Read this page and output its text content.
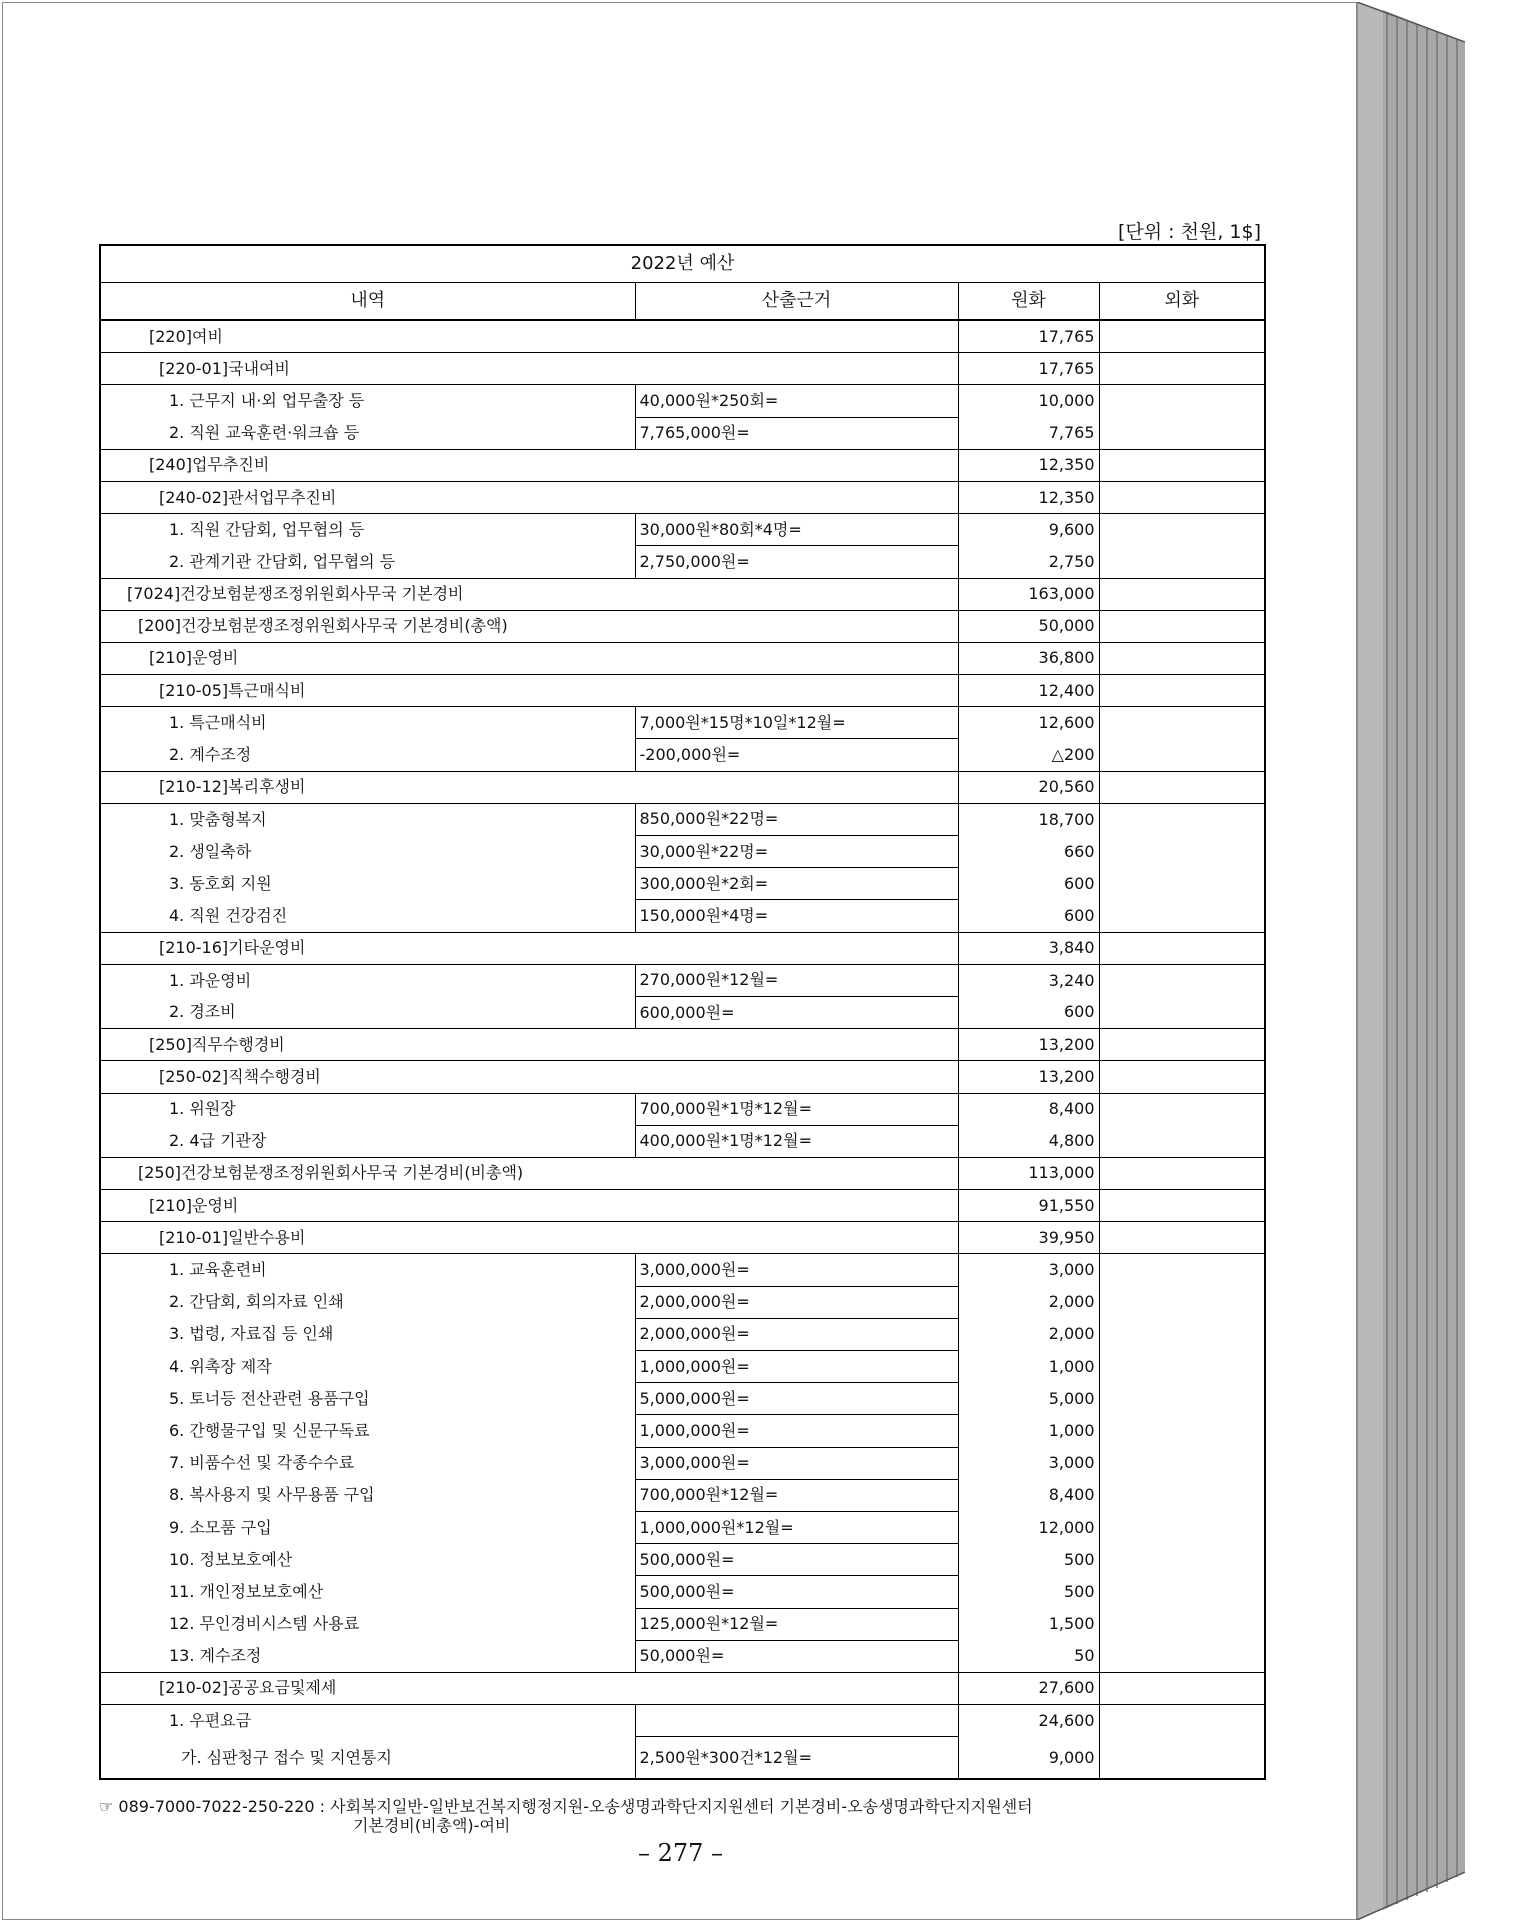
[단위 : 천원, 1$]
2022년 예산			
내역	산출근거	원화	외화
[220]여비		17,765	
[220-01]국내여비		17,765	
1. 근무지 내·외 업무출장 등	40,000원*250회=	10,000	
2. 직원 교육훈련·워크숍 등	7,765,000원=	7,765	
[240]업무추진비		12,350	
[240-02]관서업무추진비		12,350	
1. 직원 간담회, 업무협의 등	30,000원*80회*4명=	9,600	
2. 관계기관 간담회, 업무협의 등	2,750,000원=	2,750	
[7024]건강보험분쟁조정위원회사무국 기본경비		163,000	
[200]건강보험분쟁조정위원회사무국 기본경비(총액)		50,000	
[210]운영비		36,800	
[210-05]특근매식비		12,400	
1. 특근매식비	7,000원*15명*10일*12월=	12,600	
2. 계수조정	-200,000원=	△200	
[210-12]복리후생비		20,560	
1. 맞춤형복지	850,000원*22명=	18,700	
2. 생일축하	30,000원*22명=	660	
3. 동호회 지원	300,000원*2회=	600	
4. 직원 건강검진	150,000원*4명=	600	
[210-16]기타운영비		3,840	
1. 과운영비	270,000원*12월=	3,240	
2. 경조비	600,000원=	600	
[250]직무수행경비		13,200	
[250-02]직책수행경비		13,200	
1. 위원장	700,000원*1명*12월=	8,400	
2. 4급 기관장	400,000원*1명*12월=	4,800	
[250]건강보험분쟁조정위원회사무국 기본경비(비총액)		113,000	
[210]운영비		91,550	
[210-01]일반수용비		39,950	
1. 교육훈련비	3,000,000원=	3,000	
2. 간담회, 회의자료 인쇄	2,000,000원=	2,000	
3. 법령, 자료집 등 인쇄	2,000,000원=	2,000	
4. 위촉장 제작	1,000,000원=	1,000	
5. 토너등 전산관련 용품구입	5,000,000원=	5,000	
6. 간행물구입 및 신문구독료	1,000,000원=	1,000	
7. 비품수선 및 각종수수료	3,000,000원=	3,000	
8. 복사용지 및 사무용품 구입	700,000원*12월=	8,400	
9. 소모품 구입	1,000,000원*12월=	12,000	
10. 정보보호예산	500,000원=	500	
11. 개인정보보호예산	500,000원=	500	
12. 무인경비시스템 사용료	125,000원*12월=	1,500	
13. 계수조정	50,000원=	50	
[210-02]공공요금및제세		27,600	
1. 우편요금		24,600	
가. 심판청구 접수 및 지연통지	2,500원*300건*12월=	9,000	
☞ 089-7000-7022-250-220 : 사회복지일반-일반보건복지행정지원-오송생명과학단지지원센터 기본경비-오송생명과학단지지원센터
기본경비(비총액)-여비
– 277 –
